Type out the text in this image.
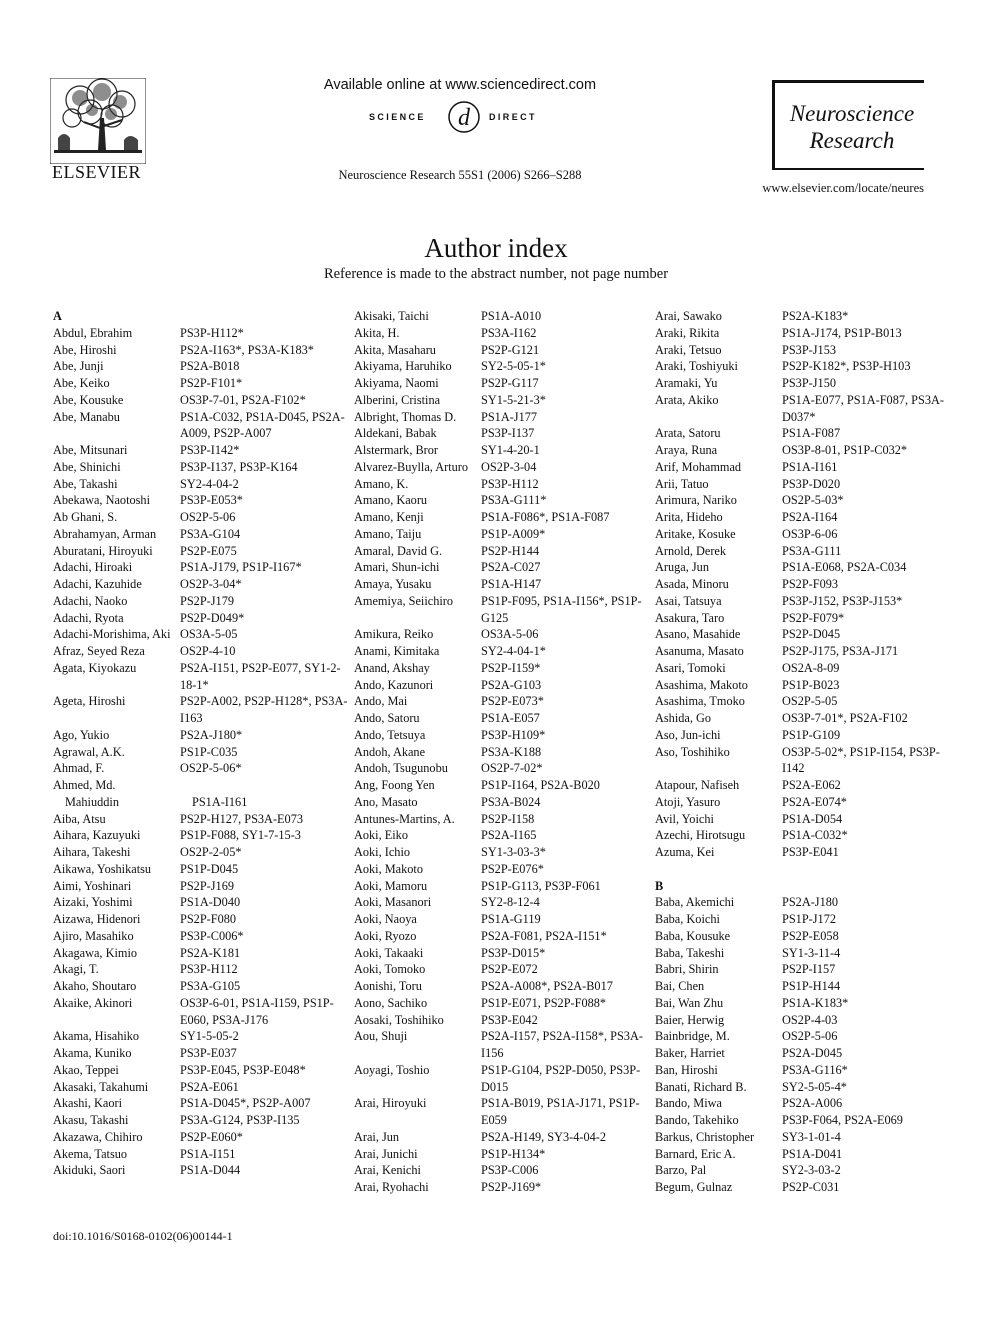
ELSEVIER
Available online at www.sciencedirect.com
SCIENCE d DIRECT
Neuroscience Research 55S1 (2006) S266–S288
Neuroscience
Research
www.elsevier.com/locate/neures
Author index
Reference is made to the abstract number, not page number
A
Abdul, Ebrahim	PS3P-H112*
Abe, Hiroshi	PS2A-I163*, PS3A-K183*
Abe, Junji	PS2A-B018
Abe, Keiko	PS2P-F101*
Abe, Kousuke	OS3P-7-01, PS2A-F102*
Abe, Manabu	PS1A-C032, PS1A-D045, PS2A-A009, PS2P-A007
Abe, Mitsunari	PS3P-I142*
Abe, Shinichi	PS3P-I137, PS3P-K164
Abe, Takashi	SY2-4-04-2
Abekawa, Naotoshi	PS3P-E053*
Ab Ghani, S.	OS2P-5-06
Abrahamyan, Arman	PS3A-G104
Aburatani, Hiroyuki	PS2P-E075
Adachi, Hiroaki	PS1A-J179, PS1P-I167*
Adachi, Kazuhide	OS2P-3-04*
Adachi, Naoko	PS2P-J179
Adachi, Ryota	PS2P-D049*
Adachi-Morishima, Aki OS3A-5-05
Afraz, Seyed Reza	OS2P-4-10
Agata, Kiyokazu	PS2A-I151, PS2P-E077, SY1-2-18-1*
Ageta, Hiroshi	PS2P-A002, PS2P-H128*, PS3A-I163
Ago, Yukio	PS2A-J180*
Agrawal, A.K.	PS1P-C035
Ahmad, F.	OS2P-5-06*
Ahmed, Md.
Mahiuddin	PS1A-I161
Aiba, Atsu	PS2P-H127, PS3A-E073
Aihara, Kazuyuki	PS1P-F088, SY1-7-15-3
Aihara, Takeshi	OS2P-2-05*
Aikawa, Yoshikatsu	PS1P-D045
Aimi, Yoshinari	PS2P-J169
Aizaki, Yoshimi	PS1A-D040
Aizawa, Hidenori	PS2P-F080
Ajiro, Masahiko	PS3P-C006*
Akagawa, Kimio	PS2A-K181
Akagi, T.	PS3P-H112
Akaho, Shoutaro	PS3A-G105
Akaike, Akinori	OS3P-6-01, PS1A-I159, PS1P-E060, PS3A-J176
Akama, Hisahiko	SY1-5-05-2
Akama, Kuniko	PS3P-E037
Akao, Teppei	PS3P-E045, PS3P-E048*
Akasaki, Takahumi	PS2A-E061
Akashi, Kaori	PS1A-D045*, PS2P-A007
Akasu, Takashi	PS3A-G124, PS3P-I135
Akazawa, Chihiro	PS2P-E060*
Akema, Tatsuo	PS1A-I151
Akiduki, Saori	PS1A-D044
Akisaki, Taichi	PS1A-A010
Akita, H.	PS3A-I162
Akita, Masaharu	PS2P-G121
Akiyama, Haruhiko	SY2-5-05-1*
Akiyama, Naomi	PS2P-G117
Alberini, Cristina	SY1-5-21-3*
Albright, Thomas D.	PS1A-J177
Aldekani, Babak	PS3P-I137
Alstermark, Bror	SY1-4-20-1
Alvarez-Buylla, Arturo	OS2P-3-04
Amano, K.	PS3P-H112
Amano, Kaoru	PS3A-G111*
Amano, Kenji	PS1A-F086*, PS1A-F087
Amano, Taiju	PS1P-A009*
Amaral, David G.	PS2P-H144
Amari, Shun-ichi	PS2A-C027
Amaya, Yusaku	PS1A-H147
Amemiya, Seiichiro	PS1P-F095, PS1A-I156*, PS1P-G125
Amikura, Reiko	OS3A-5-06
Anami, Kimitaka	SY2-4-04-1*
Anand, Akshay	PS2P-I159*
Ando, Kazunori	PS2A-G103
Ando, Mai	PS2P-E073*
Ando, Satoru	PS1A-E057
Ando, Tetsuya	PS3P-H109*
Andoh, Akane	PS3A-K188
Andoh, Tsugunobu	OS2P-7-02*
Ang, Foong Yen	PS1P-I164, PS2A-B020
Ano, Masato	PS3A-B024
Antunes-Martins, A.	PS2P-I158
Aoki, Eiko	PS2A-I165
Aoki, Ichio	SY1-3-03-3*
Aoki, Makoto	PS2P-E076*
Aoki, Mamoru	PS1P-G113, PS3P-F061
Aoki, Masanori	SY2-8-12-4
Aoki, Naoya	PS1A-G119
Aoki, Ryozo	PS2A-F081, PS2A-I151*
Aoki, Takaaki	PS3P-D015*
Aoki, Tomoko	PS2P-E072
Aonishi, Toru	PS2A-A008*, PS2A-B017
Aono, Sachiko	PS1P-E071, PS2P-F088*
Aosaki, Toshihiko	PS3P-E042
Aou, Shuji	PS2A-I157, PS2A-I158*, PS3A-I156
Aoyagi, Toshio	PS1P-G104, PS2P-D050, PS3P-D015
Arai, Hiroyuki	PS1A-B019, PS1A-J171, PS1P-E059
Arai, Jun	PS2A-H149, SY3-4-04-2
Arai, Junichi	PS1P-H134*
Arai, Kenichi	PS3P-C006
Arai, Ryohachi	PS2P-J169*
Arai, Sawako	PS2A-K183*
Araki, Rikita	PS1A-J174, PS1P-B013
Araki, Tetsuo	PS3P-J153
Araki, Toshiyuki	PS2P-K182*, PS3P-H103
Aramaki, Yu	PS3P-J150
Arata, Akiko	PS1A-E077, PS1A-F087, PS3A-D037*
Arata, Satoru	PS1A-F087
Araya, Runa	OS3P-8-01, PS1P-C032*
Arif, Mohammad	PS1A-I161
Arii, Tatuo	PS3P-D020
Arimura, Nariko	OS2P-5-03*
Arita, Hideho	PS2A-I164
Aritake, Kosuke	OS3P-6-06
Arnold, Derek	PS3A-G111
Aruga, Jun	PS1A-E068, PS2A-C034
Asada, Minoru	PS2P-F093
Asai, Tatsuya	PS3P-J152, PS3P-J153*
Asakura, Taro	PS2P-F079*
Asano, Masahide	PS2P-D045
Asanuma, Masato	PS2P-J175, PS3A-J171
Asari, Tomoki	OS2A-8-09
Asashima, Makoto	PS1P-B023
Asashima, Tmoko	OS2P-5-05
Ashida, Go	OS3P-7-01*, PS2A-F102
Aso, Jun-ichi	PS1P-G109
Aso, Toshihiko	OS3P-5-02*, PS1P-I154, PS3P-I142
Atapour, Nafiseh	PS2A-E062
Atoji, Yasuro	PS2A-E074*
Avil, Yoichi	PS1A-D054
Azechi, Hirotsugu	PS1A-C032*
Azuma, Kei	PS3P-E041

B
Baba, Akemichi	PS2A-J180
Baba, Koichi	PS1P-J172
Baba, Kousuke	PS2P-E058
Baba, Takeshi	SY1-3-11-4
Babri, Shirin	PS2P-I157
Bai, Chen	PS1P-H144
Bai, Wan Zhu	PS1A-K183*
Baier, Herwig	OS2P-4-03
Bainbridge, M.	OS2P-5-06
Baker, Harriet	PS2A-D045
Ban, Hiroshi	PS3A-G116*
Banati, Richard B.	SY2-5-05-4*
Bando, Miwa	PS2A-A006
Bando, Takehiko	PS3P-F064, PS2A-E069
Barkus, Christopher	SY3-1-01-4
Barnard, Eric A.	PS1A-D041
Barzo, Pal	SY2-3-03-2
Begum, Gulnaz	PS2P-C031
doi:10.1016/S0168-0102(06)00144-1
